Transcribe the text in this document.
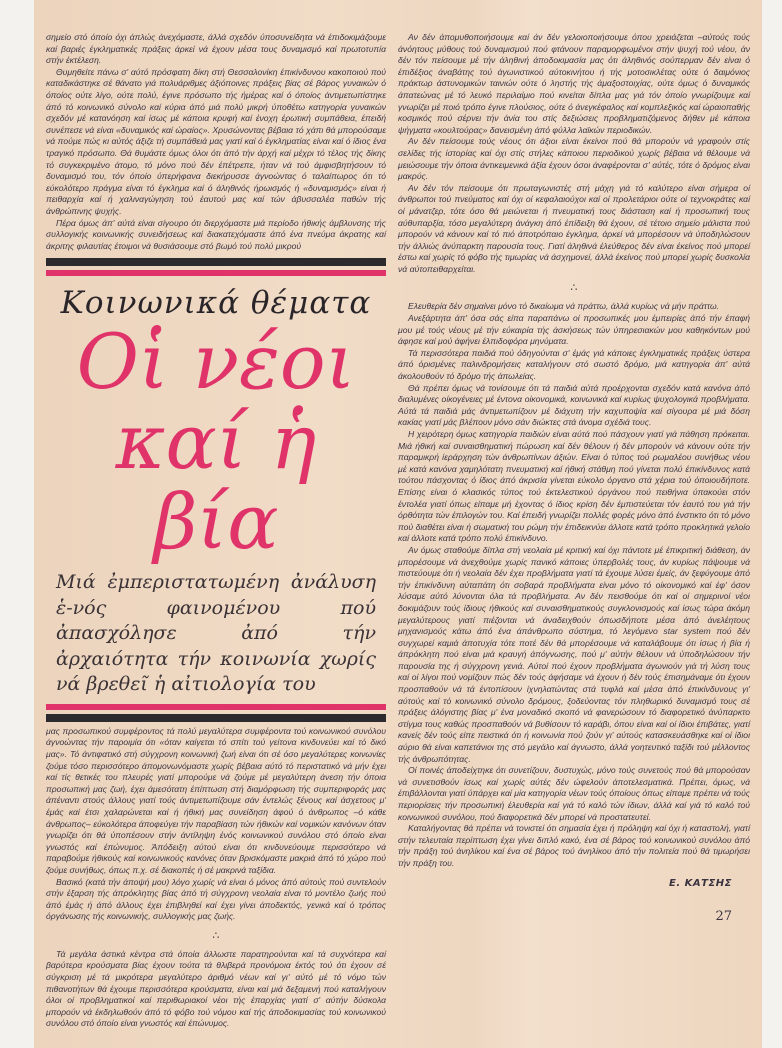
σημείο στό όποίο όχι άπλώς άνεχόμαστε, άλλά σχεδόν ύποσυνείδητα νά έπιδοκιμάζουμε καί βαριές έγκληματικές πράξεις άρκεί νά έχουν μέσα τους δυναμισμό καί πρωτοτυπία στήν έκτέλεση.

Θυμηθείτε πάνω σ' αύτό πρόσφατη δίκη στή Θεσσαλονίκη έπικίνδυνου κακοποιού πού καταδικάστηκε σέ θάνατο γιά πολυάριθμες άξιόποινες πράξεις βίας σέ βάρος γυναικών ό όποίος ούτε λίγο, ούτε πολύ, έγινε πρόσωπο τής ήμέρας καί ό όποίος άντιμετωπίστηκε άπό τό κοινωνικό σύνολο καί κύρια άπό μιά πολύ μικρή ύποθέτω κατηγορία γυναικών σχεδόν μέ κατανόηση καί ίσως μέ κάποια κρυφή καί ένοχη έρωτική συμπάθεια, έπειδή συνέπεσε νά είναι «δυναμικός καί ώραίος». Χρυσώνοντας βέβαια τό χάπι θά μπορούσαμε νά πούμε πώς κι αύτός άξιζε τή συμπάθειά μας γιατί καί ό έγκληματίας είναι καί ό ίδιος ένα τραγικό πρόσωπο. Θά θυμάστε όμως όλοι ότι άπό τήν άρχή καί μέχρι τό τέλος τής δίκης τό συγκεκριμένο άτομο, τό μόνο πού δέν έπέτρεπε, ήταν νά τού άμφισβητήσουν τό δυναμισμό του, τόν όποίο ύπερήφανα διεκήρυσσε άγνοώντας ό ταλαίπωρος ότι τό εύκολότερο πράγμα είναι τό έγκλημα καί ό άληθινός ήρωισμός ή «δυναμισμός» είναι ή πειθαρχία καί ή χαλιναγώγηση τού έαυτού μας καί τών άβυσσαλέα παθών τής άνθρώπινης ψυχής.

Πέρα όμως άπ' αύτά είναι σίγουρο ότι διερχόμαστε μιά περίοδο ήθικής άμβλυνσης τής συλλογικής κοινωνικής συνειδήσεως καί διακατεχόμαστε άπό ένα πνεύμα άκρατης καί άκριτης φιλαυτίας έτοιμοι νά θυσιάσουμε στό βωμό τού πολύ μικρού

Κοινωνικά θέματα
Οἱ νέοι
καί ἡ βία
Μιά ἐμπεριστατωμένη ἀνάλυση ἑ-νός φαινομένου πού ἀπασχόλησε ἀπό τήν ἀρχαιότητα τήν κοινωνία χωρίς νά βρεθεῖ ἡ αἰτιολογία του

μας προσωπικού συμφέροντος τά πολύ μεγαλύτερα συμφέροντα τού κοινωνικού συνόλου άγνοώντας τήν παροιμία ότι «όταν καίγεται τό σπίτι τού γείτονα κινδυνεύει καί τό δικό μας». Τό άντιφατικό στή σύγχρονη κοινωνική ζωή είναι ότι σέ όσο μεγαλύτερες κοινωνίες ζούμε τόσο περισσότερο άπομονωνόμαστε χωρίς βέβαια αύτό τό περιστατικό νά μήν έχει καί τίς θετικές του πλευρές γιατί μπορούμε νά ζούμε μέ μεγαλύτερη άνεση τήν όποια προσωπική μας ζωή, έχει άμεσότατη έπίπτωση στή διαμόρφωση τής συμπεριφοράς μας άπέναντι στούς άλλους γιατί τούς άντιμετωπίζουμε σάν έντελώς ξένους καί άσχετους μ' έμάς καί έτσι χαλαρώνεται καί ή ήθική μας συνείδηση άφού ό άνθρωπος –ό κάθε άνθρωπος– εύκολότερα άποφεύγει τήν παραβίαση τών ήθικών καί νομικών κανόνων όταν γνωρίζει ότι θά ύποπέσουν στήν άντίληψη ένός κοινωνικού συνόλου στό όποίο είναι γνωστός καί έπώνυμος. Άπόδειξη αύτού είναι ότι κινδυνεύουμε περισσότερο νά παραβούμε ήθικούς καί κοινωνικούς κανόνες όταν βρισκόμαστε μακριά άπό τό χώρο πού ζούμε συνήθως, όπως π.χ. σέ διακοπές ή σέ μακρινά ταξίδια.

Βασικό (κατά τήν άποψή μου) λόγο χωρίς νά είναι ό μόνος άπό αύτούς πού συντελούν στήν έξαρση τής άπρόκλητης βίας άπό τή σύγχρονη νεολαία είναι τό μοντέλο ζωής πού άπό έμάς ή άπό άλλους έχει έπιβληθεί καί έχει γίνει άποδεκτός, γενικά καί ό τρόπος όργάνωσης τής κοινωνικής, συλλογικής μας ζωής.

∴

Τά μεγάλα άστικά κέντρα στά όποία άλλωστε παρατηρούνται καί τά συχνότερα καί βαρύτερα κρούσματα βίας έχουν τούτα τά θλιβερά προνόμοια έκτός τού ότι έχουν σέ σύγκριση μέ τά μικρότερα μεγαλύτερο άριθμό νέων καί γι' αύτό μέ τό νόμο τών πιθανοτήτων θά έχουμε περισσότερα κρούσματα, είναι καί μιά δεξαμενή πού καταλήγουν όλοι οί προβληματικοί καί περιθωριακοί νέοι τής έπαρχίας γιατί σ' αύτήν δύσκολα μπορούν νά έκδηλωθούν άπό τό φόβο τού νόμου καί τής άποδοκιμασίας τού κοινωνικού συνόλου στό όποίο είναι γνωστός καί έπώνυμος.

Αν δέν άπομυθοποιήσουμε καί άν δέν γελοιοποιήσουμε όπου χρειάζεται –αύτούς τούς άνόητους μύθους τού δυναμισμού πού φτάνουν παραμορφωμένοι στήν ψυχή τού νέου, άν δέν τόν πείσουμε μέ τήν άληθινή άποδοκιμασία μας ότι άληθινός σούπερμαν δέν είναι ό έπιδέξιος άναβάτης τού άγωνιστικού αύτοκινήτου ή τής μοτοσικλέτας ούτε ό δαιμόνιος πράκτωρ άστυνομικών ταινιών ούτε ό ληστής τής άμαξοστοιχίας, ούτε όμως ό δυναμικός άπατεώνας μέ τό λευκό περιλαίμιο πού κινείται δίπλα μας γιά τόν όποίο γνωρίζουμε καί γνωρίζει μέ ποιό τρόπο έγινε πλούσιος, ούτε ό άνεγκέφαλος καί κομπλεξικός καί ώραιοπαθής κοσμικός πού σέρνει τήν άνία του στίς δεξιώσεις προβληματιζόμενος δήθεν μέ κάποια ψήγματα «κουλτούρας» δανεισμένη άπό φύλλα λαϊκών περιοδικών.

Αν δέν πείσουμε τούς νέους ότι άξιοι είναι έκείνοι πού θά μπορούν νά γραφούν στίς σελίδες τής ίστορίας καί όχι στίς στήλες κάποιου περιοδικού χωρίς βέβαια νά θέλουμε νά μειώσουμε τήν όποια άντικειμενικά άξία έχουν όσοι άναφέρονται σ' αύτές, τότε ό δρόμος είναι μακρύς.

Αν δέν τόν πείσουμε ότι πρωταγωνιστές στή μάχη γιά τό καλύτερο είναι σήμερα οί άνθρωποι τού πνεύματος καί όχι οί κεφαλαιούχοι καί οί προλετάριοι ούτε οί τεχνοκράτες καί οί μάνατζερ, τότε όσο θά μειώνεται ή πνευματική τους διάσταση καί ή προσωπική τους αύθυπαρξία, τόσο μεγαλύτερη άνάγκη άπό έπίδειξη θά έχουν, σέ τέτοιο σημείο μάλιστα πού μπορούν νά κάνουν καί τό πιό άποτρόπαιο έγκλημα, άρκεί νά μπορέσουν νά ύποδηλώσουν τήν άλλιώς άνύπαρκτη παρουσία τους. Γιατί άληθινά έλεύθερος δέν είναι έκείνος πού μπορεί έστω καί χωρίς τό φόβο τής τιμωρίας νά άσχημονεί, άλλά έκείνος πού μπορεί χωρίς δυσκολία νά αύτοπειθαρχείται.

∴

Ελευθερία δέν σημαίνει μόνο τό δικαίωμα νά πράττω, άλλά κυρίως νά μήν πράττω.

Ανεξάρτητα άπ' όσα σάς είπα παραπάνω οί προσωπικές μου έμπειρίες άπό τήν έπαφή μου μέ τούς νέους μέ τήν εύκαιρία τής άσκήσεως τών ύπηρεσιακών μου καθηκόντων μού άφησε καί μού άφήνει έλπιδοφόρα μηνύματα.

Τά περισσότερα παιδιά πού όδηγούνται σ' έμάς γιά κάποιες έγκληματικές πράξεις ύστερα άπό όρισμένες παλινδρομήσεις καταλήγουν στό σωστό δρόμο, μιά κατηγορία άπ' αύτά άκολουθούν τό δρόμο τής άπωλείας.

Θά πρέπει όμως νά τονίσουμε ότι τά παιδιά αύτά προέρχονται σχεδόν κατά κανόνα άπό διαλυμένες οίκογένειες μέ έντονα οίκονομικά, κοινωνικά καί κυρίως ψυχολογικά προβλήματα. Αύτά τά παιδιά μάς άντιμετωπίζουν μέ διάχυτη τήν καχυποψία καί σίγουρα μέ μιά δόση κακίας γιατί μάς βλέπουν μόνο σάν διώκτες στά άνομα σχέδιά τους.

Η χειρότερη όμως κατηγορία παιδιών είναι αύτά πού πάσχουν γιατί γιά πάθηση πρόκειται. Μιά ήθική καί συναισθηματική πώρωση καί δέν θέλουν ή δέν μπορούν νά κάνουν ούτε τήν παραμικρή ίεράρχηση τών άνθρωπίνων άξιών. Είναι ό τύπος τού ρωμαλέου συνήθως νέου μέ κατά κανόνα χαμηλότατη πνευματική καί ήθική στάθμη πού γίνεται πολύ έπικίνδυνος κατά τούτου πάσχοντας ό ίδιος άπό άκρισία γίνεται εύκολο όργανο στά χέρια τού όποιουδήποτε. Επίσης είναι ό κλασικός τύπος τού έκτελεστικού όργάνου πού πειθήνια ύπακούει στόν έντολέα γιατί όπως είπαμε μή έχοντας ό ίδιος κρίση δέν έμπιστεύεται τόν έαυτό του γιά τήν όρθότητα τών έπιλογών του. Καί έπειδή γνωρίζει πολλές φορές μόνο άπό ένστικτο ότι τό μόνο πού διαθέτει είναι ή σωματική του ρώμη τήν έπιδεικνύει άλλοτε κατά τρόπο προκλητικά γελοίο καί άλλοτε κατά τρόπο πολύ έπικίνδυνο.

Αν όμως σταθούμε δίπλα στή νεολαία μέ κριτική καί όχι πάντοτε μέ έπικριτική διάθεση, άν μπορέσουμε νά άνεχθούμε χωρίς πανικό κάποιες ύπερβολές τους, άν κυρίως πάψουμε νά πιστεύουμε ότι ή νεολαία δέν έχει προβλήματα γιατί τά έχουμε λύσει έμείς, άν ξεφύγουμε άπό τήν έπικίνδυνη αύταπάτη ότι σοβαρά προβλήματα είναι μόνο τό οίκονομικό καί έφ' όσον λύσαμε αύτό λύνονται όλα τά προβλήματα. Αν δέν πεισθούμε ότι καί οί σημερινοί νέοι δοκιμάζουν τούς ίδιους ήθικούς καί συναισθηματικούς συγκλονισμούς καί ίσως τώρα άκόμη μεγαλύτερους γιατί πιέζονται νά άναδειχθούν όπωσδήποτε μέσα άπό άνελέητους μηχανισμούς κάτω άπό ένα άπάνθρωπο σύστημα, τό λεγόμενο star system πού δέν συγχωρεί καμιά άποτυχία τότε ποτέ δέν θά μπορέσουμε νά καταλάβουμε ότι ίσως ή βία ή άπρόκλητη πού είναι μιά κραυγή άπόγνωσης, πού μ' αύτήν θέλουν νά ύποδηλώσουν τήν παρουσία της ή σύγχρονη γενιά. Αύτοί πού έχουν προβλήματα άγωνιούν γιά τή λύση τους καί οί λίγοι πού νομίζουν πώς δέν τούς άφήσαμε νά έχουν ή δέν τούς έπισημάναμε ότι έχουν προσπαθούν νά τά έντοπίσουν ίχνηλατώντας στά τυφλά καί μέσα άπό έπικίνδυνους γι' αύτούς καί τό κοινωνικό σύνολο δρόμους, ξοδεύοντας τόν πληθωρικό δυναμισμό τους σέ πράξεις άλόγιστης βίας μ' ένα μοναδικό σκοπό νά φανερώσουν τό διαφορετικό άνύπαρκτο στίγμα τους καθώς προσπαθούν νά βυθίσουν τό καράβι, όπου είναι καί οί ίδιοι έπιβάτες, γιατί κανείς δέν τούς είπε πειστικά ότι ή κοινωνία πού ζούν γι' αύτούς κατασκευάσθηκε καί οί ίδιοι αύριο θά είναι καπετάνιοι της στό μεγάλο καί άγνωστο, άλλά γοητευτικό ταξίδι τού μέλλοντος τής άνθρωπότητας.

Οί ποινές άποδείχτηκε ότι συνετίζουν, δυστυχώς, μόνο τούς συνετούς πού θά μπορούσαν νά συνετισθούν ίσως καί χωρίς αύτές δέν ώφελούν άποτελεσματικά. Πρέπει, όμως, νά έπιβάλλονται γιατί ύπάρχει καί μία κατηγορία νέων τούς όποίους όπως είπαμε πρέπει νά τούς περιορίσεις τήν προσωπική έλευθερία καί γιά τό καλό τών ίδιων, άλλά καί γιά τό καλό τού κοινωνικού συνόλου, πού διαφορετικά δέν μπορεί νά προστατευτεί.

Καταλήγοντας θά πρέπει νά τονιστεί ότι σημασία έχει ή πρόληψη καί όχι ή καταστολή, γιατί στήν τελευταία περίπτωση έχει γίνει διπλό κακό, ένα σέ βάρος τού κοινωνικού συνόλου άπό τήν πράξη τού άνηλίκου καί ένα σέ βάρος τού άνηλίκου άπό τήν πολιτεία πού θά τιμωρήσει τήν πράξη του.

Ε. ΚΑΤΣΗΣ
27
